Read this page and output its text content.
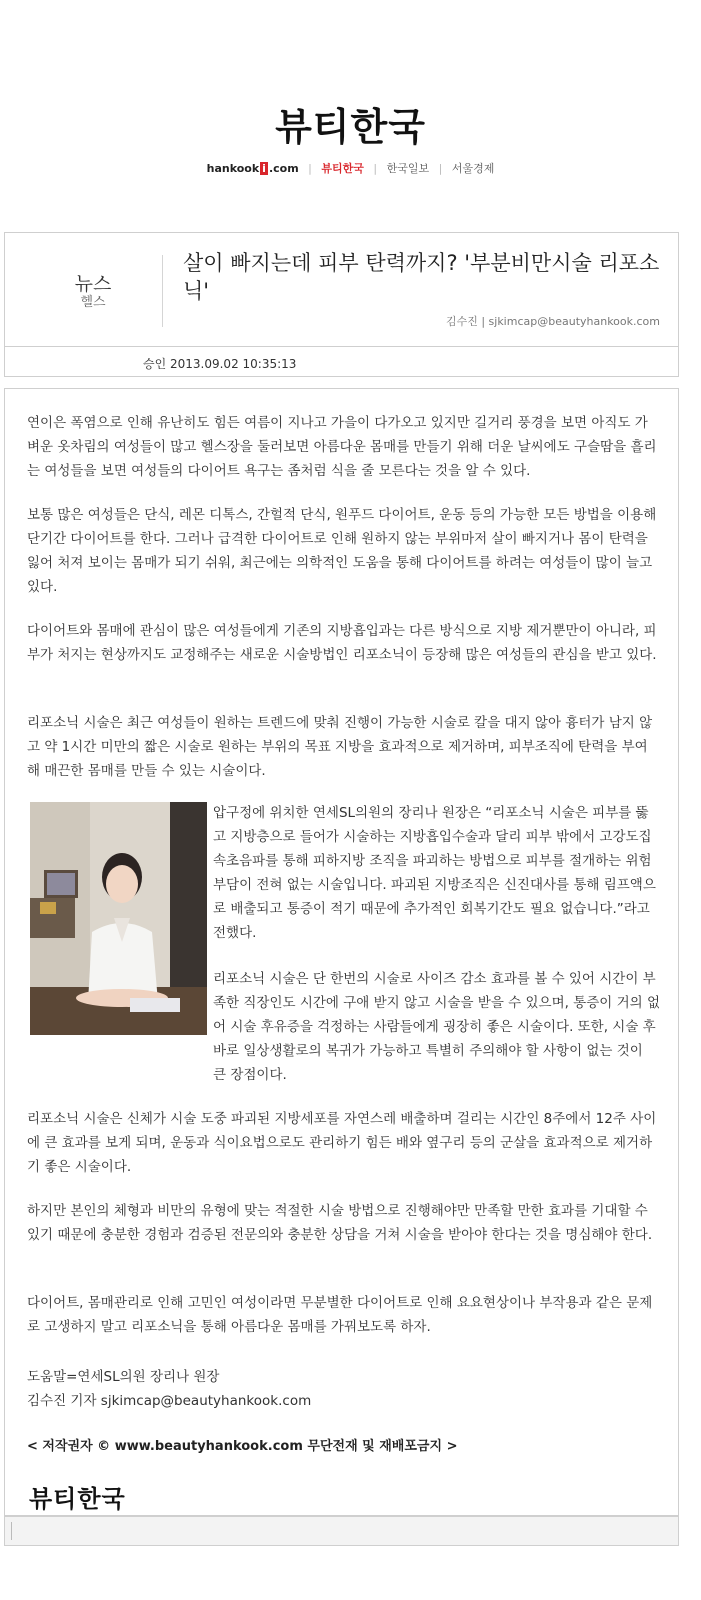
뷰티한국
hankook i .com | 뷰티한국 | 한국일보 | 서울경제
뉴스
헬스
살이 빠지는데 피부 탄력까지? '부분비만시술 리포소닉'
김수진 | sjkimcap@beautyhankook.com
승인 2013.09.02 10:35:13

연이은 폭염으로 인해 유난히도 힘든 여름이 지나고 가을이 다가오고 있지만 길거리 풍경을 보면 아직도 가벼운 옷차림의 여성들이 많고 헬스장을 둘러보면 아름다운 몸매를 만들기 위해 더운 날씨에도 구슬땀을 흘리는 여성들을 보면 여성들의 다이어트 욕구는 좀처럼 식을 줄 모른다는 것을 알 수 있다.

보통 많은 여성들은 단식, 레몬 디톡스, 간헐적 단식, 원푸드 다이어트, 운동 등의 가능한 모든 방법을 이용해 단기간 다이어트를 한다. 그러나 급격한 다이어트로 인해 원하지 않는 부위마저 살이 빠지거나 몸이 탄력을 잃어 처져 보이는 몸매가 되기 쉬워, 최근에는 의학적인 도움을 통해 다이어트를 하려는 여성들이 많이 늘고 있다.

다이어트와 몸매에 관심이 많은 여성들에게 기존의 지방흡입과는 다른 방식으로 지방 제거뿐만이 아니라, 피부가 처지는 현상까지도 교정해주는 새로운 시술방법인 리포소닉이 등장해 많은 여성들의 관심을 받고 있다.

리포소닉 시술은 최근 여성들이 원하는 트렌드에 맞춰 진행이 가능한 시술로 칼을 대지 않아 흉터가 남지 않고 약 1시간 미만의 짧은 시술로 원하는 부위의 목표 지방을 효과적으로 제거하며, 피부조직에 탄력을 부여해 매끈한 몸매를 만들 수 있는 시술이다.

압구정에 위치한 연세SL의원의 장리나 원장은 “리포소닉 시술은 피부를 뚫고 지방층으로 들어가 시술하는 지방흡입수술과 달리 피부 밖에서 고강도집속초음파를 통해 피하지방 조직을 파괴하는 방법으로 피부를 절개하는 위험부담이 전혀 없는 시술입니다. 파괴된 지방조직은 신진대사를 통해 림프액으로 배출되고 통증이 적기 때문에 추가적인 회복기간도 필요 없습니다.”라고 전했다.

리포소닉 시술은 단 한번의 시술로 사이즈 감소 효과를 볼 수 있어 시간이 부족한 직장인도 시간에 구애 받지 않고 시술을 받을 수 있으며, 통증이 거의 없어 시술 후유증을 걱정하는 사람들에게 굉장히 좋은 시술이다. 또한, 시술 후 바로 일상생활로의 복귀가 가능하고 특별히 주의해야 할 사항이 없는 것이 큰 장점이다.

리포소닉 시술은 신체가 시술 도중 파괴된 지방세포를 자연스레 배출하며 걸리는 시간인 8주에서 12주 사이에 큰 효과를 보게 되며, 운동과 식이요법으로도 관리하기 힘든 배와 옆구리 등의 군살을 효과적으로 제거하기 좋은 시술이다.

하지만 본인의 체형과 비만의 유형에 맞는 적절한 시술 방법으로 진행해야만 만족할 만한 효과를 기대할 수 있기 때문에 충분한 경험과 검증된 전문의와 충분한 상담을 거쳐 시술을 받아야 한다는 것을 명심해야 한다.

다이어트, 몸매관리로 인해 고민인 여성이라면 무분별한 다이어트로 인해 요요현상이나 부작용과 같은 문제로 고생하지 말고 리포소닉을 통해 아름다운 몸매를 가꿔보도록 하자.

도움말=연세SL의원 장리나 원장
김수진 기자 sjkimcap@beautyhankook.com
< 저작권자 © www.beautyhankook.com 무단전재 및 재배포금지 >
뷰티한국
